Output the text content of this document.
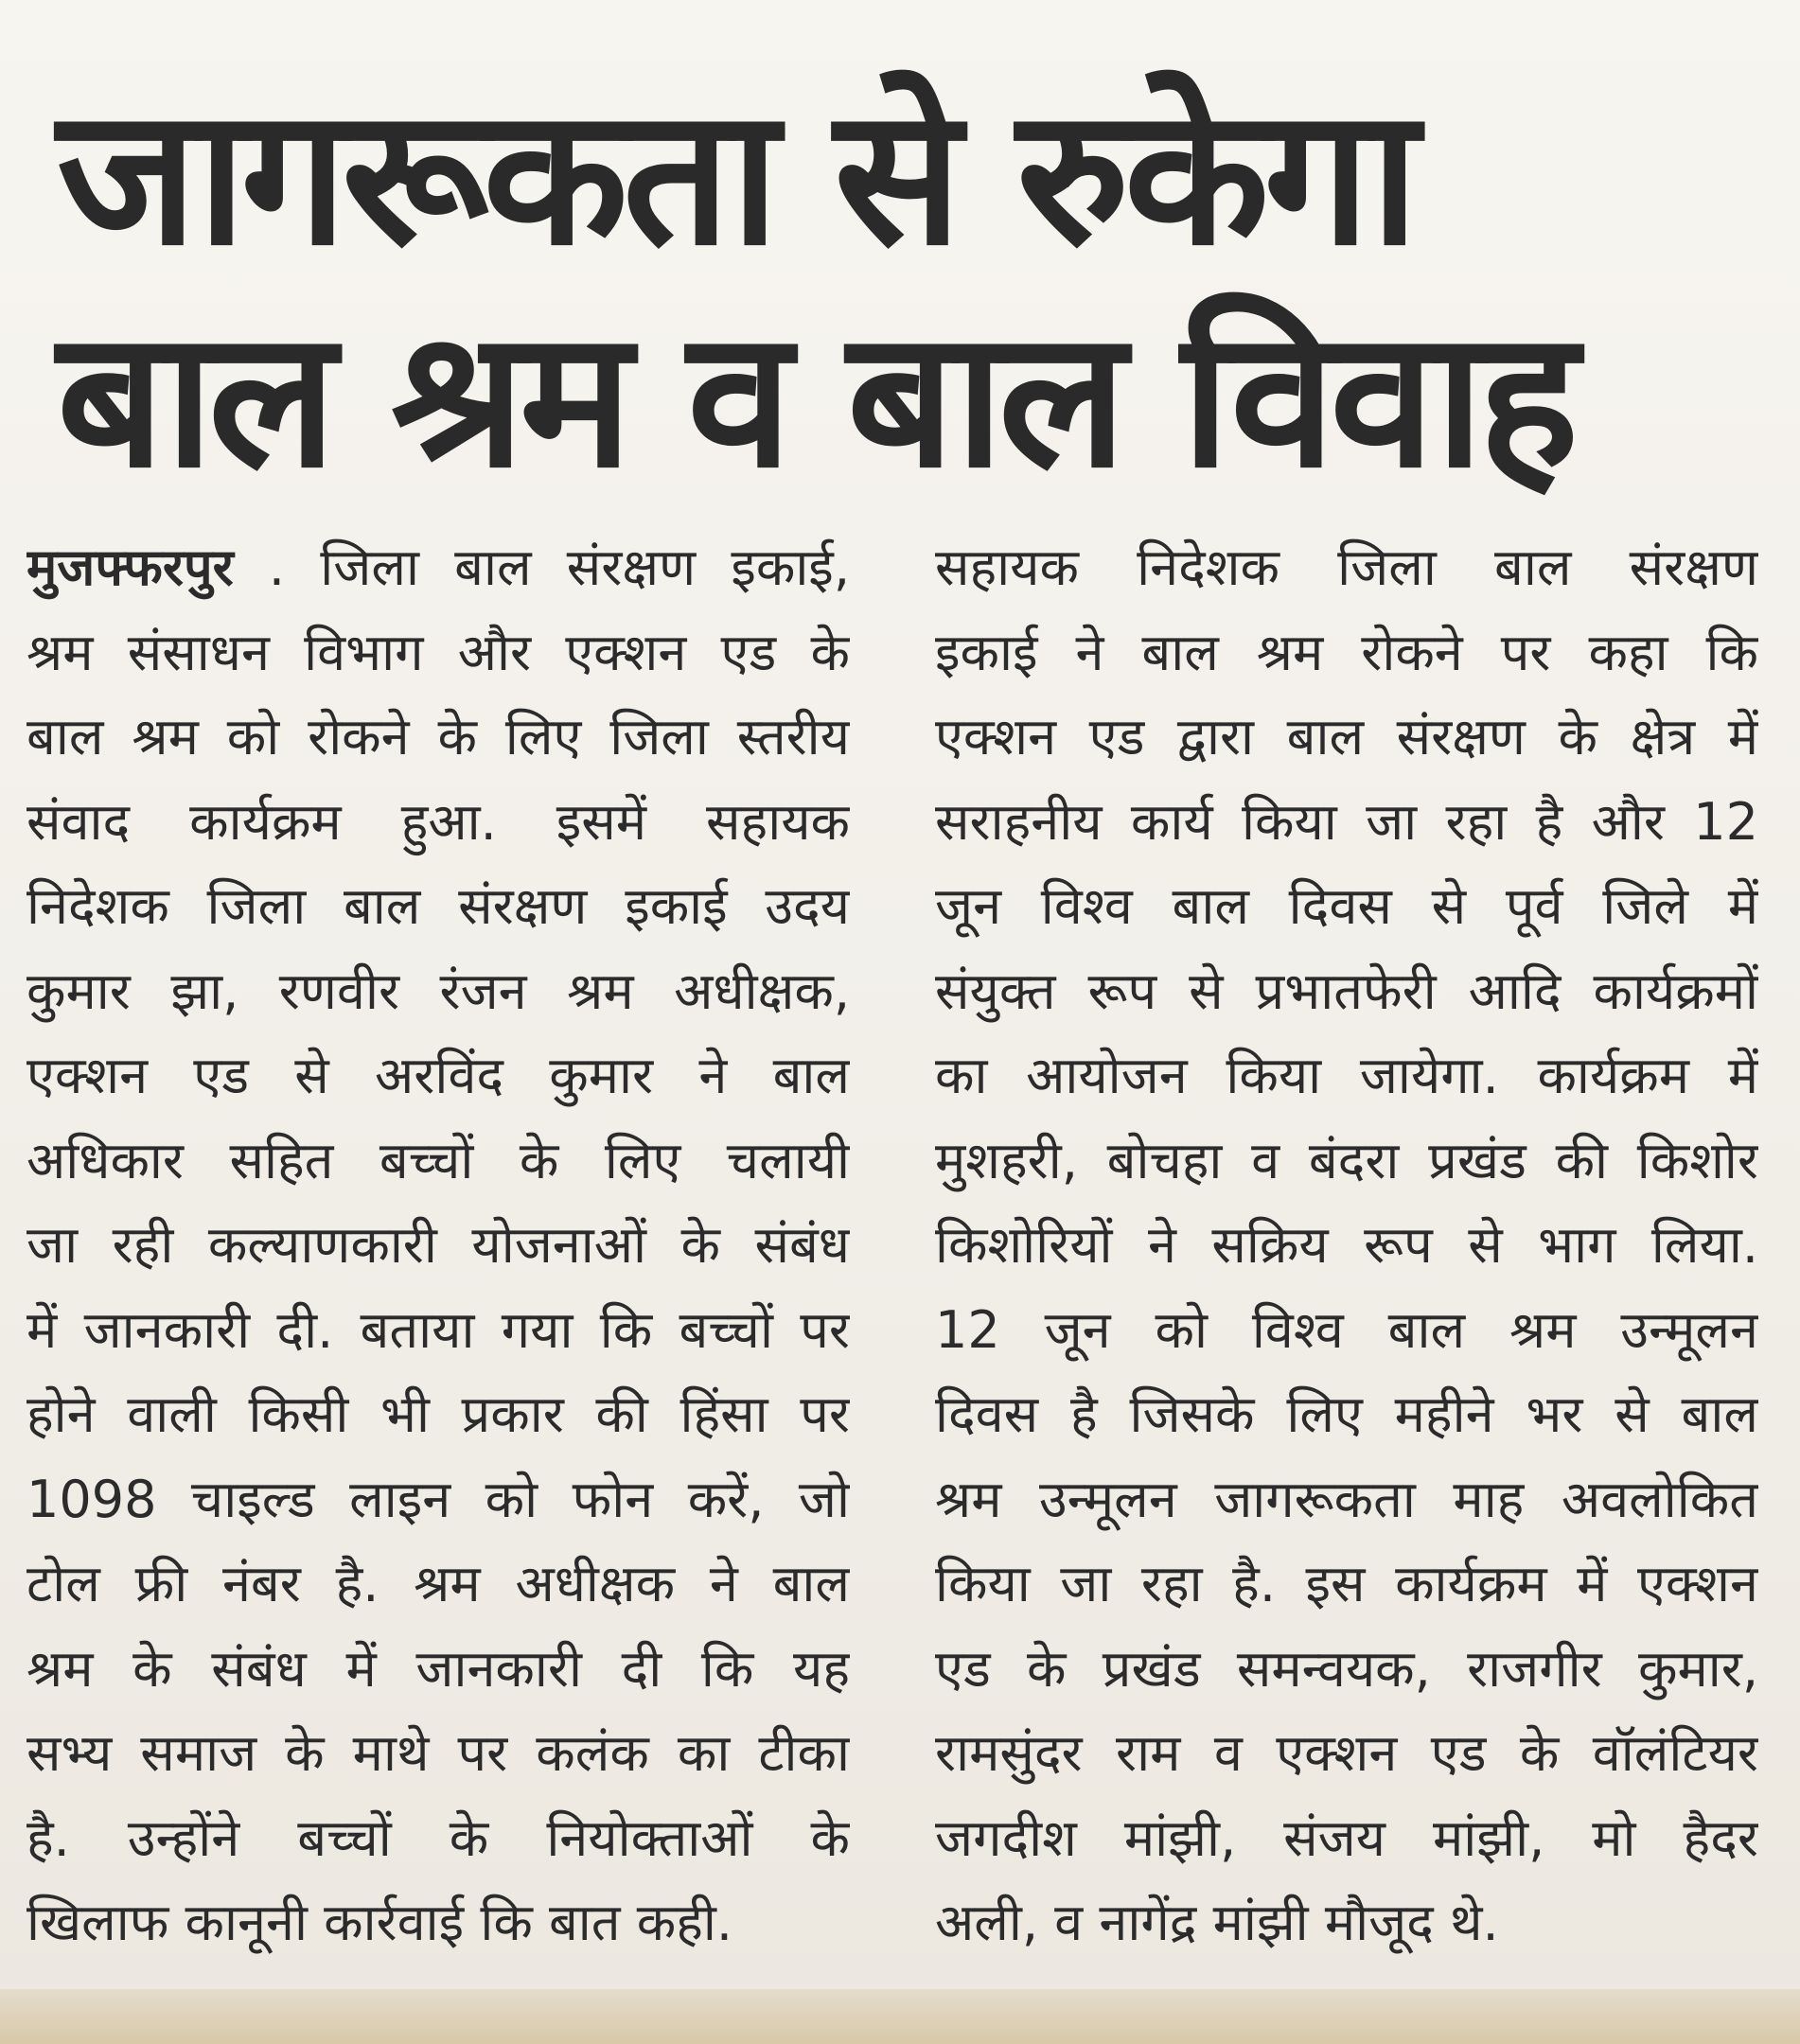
जागरूकता से रुकेगा
बाल श्रम व बाल विवाह
मुजफ्फरपुर . जिला बाल संरक्षण इकाई,
श्रम संसाधन विभाग और एक्शन एड के
बाल श्रम को रोकने के लिए जिला स्तरीय
संवाद कार्यक्रम हुआ. इसमें सहायक
निदेशक जिला बाल संरक्षण इकाई उदय
कुमार झा, रणवीर रंजन श्रम अधीक्षक,
एक्शन एड से अरविंद कुमार ने बाल
अधिकार सहित बच्चों के लिए चलायी
जा रही कल्याणकारी योजनाओं के संबंध
में जानकारी दी. बताया गया कि बच्चों पर
होने वाली किसी भी प्रकार की हिंसा पर
1098 चाइल्ड लाइन को फोन करें, जो
टोल फ्री नंबर है. श्रम अधीक्षक ने बाल
श्रम के संबंध में जानकारी दी कि यह
सभ्य समाज के माथे पर कलंक का टीका
है. उन्होंने बच्चों के नियोक्ताओं के
खिलाफ कानूनी कार्रवाई कि बात कही.
सहायक निदेशक जिला बाल संरक्षण
इकाई ने बाल श्रम रोकने पर कहा कि
एक्शन एड द्वारा बाल संरक्षण के क्षेत्र में
सराहनीय कार्य किया जा रहा है और 12
जून विश्व बाल दिवस से पूर्व जिले में
संयुक्त रूप से प्रभातफेरी आदि कार्यक्रमों
का आयोजन किया जायेगा. कार्यक्रम में
मुशहरी, बोचहा व बंदरा प्रखंड की किशोर
किशोरियों ने सक्रिय रूप से भाग लिया.
12 जून को विश्व बाल श्रम उन्मूलन
दिवस है जिसके लिए महीने भर से बाल
श्रम उन्मूलन जागरूकता माह अवलोकित
किया जा रहा है. इस कार्यक्रम में एक्शन
एड के प्रखंड समन्वयक, राजगीर कुमार,
रामसुंदर राम व एक्शन एड के वॉलंटियर
जगदीश मांझी, संजय मांझी, मो हैदर
अली, व नागेंद्र मांझी मौजूद थे.
